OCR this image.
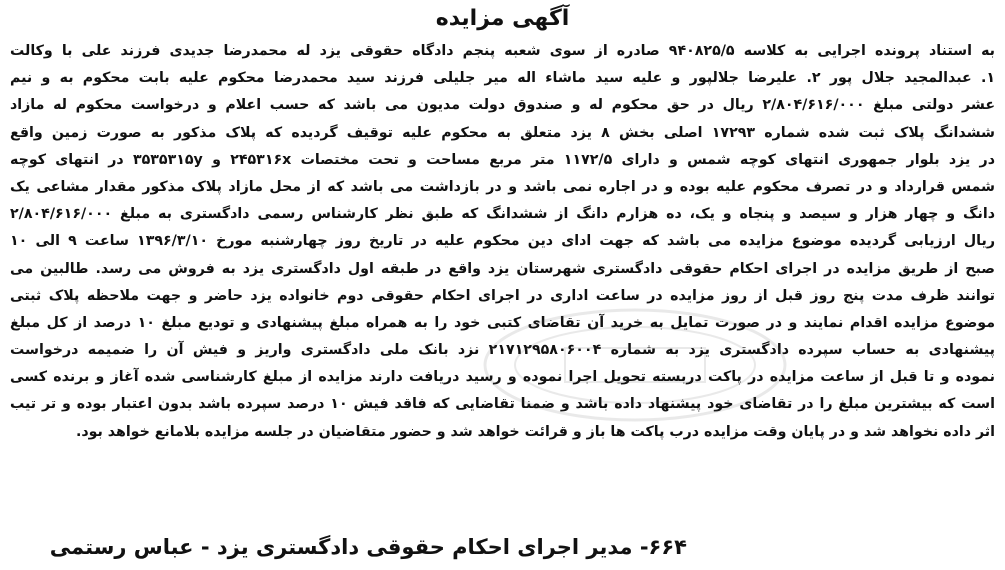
آگهی مزایده
به استناد پرونده اجرایی به کلاسه ۹۴۰۸۲۵/۵ صادره از سوی شعبه پنجم دادگاه حقوقی یزد له محمدرضا جدیدی فرزند علی با وکالت
۱. عبدالمجید جلال پور ۲. علیرضا جلالپور و علیه سید ماشاء اله میر جلیلی فرزند سید محمدرضا محکوم علیه بابت محکوم به و نیم
عشر دولتی مبلغ ۲/۸۰۴/۶۱۶/۰۰۰ ریال در حق محکوم له و صندوق دولت مدیون می باشد که حسب اعلام و درخواست محکوم له مازاد
ششدانگ پلاک ثبت شده شماره ۱۷۲۹۳ اصلی بخش ۸ یزد متعلق به محکوم علیه توقیف گردیده که پلاک مذکور به صورت زمین واقع
در یزد بلوار جمهوری انتهای کوچه شمس و دارای ۱۱۷۲/۵ متر مربع مساحت و تحت مختصات ۲۴۵۳۱۶x و ۳۵۳۵۳۱۵y در انتهای کوچه
شمس قرارداد و در تصرف محکوم علیه بوده و در اجاره نمی باشد و در بازداشت می باشد که از محل مازاد پلاک مذکور مقدار مشاعی یک
دانگ و چهار هزار و سیصد و پنجاه و یک، ده هزارم دانگ از ششدانگ که طبق نظر کارشناس رسمی دادگستری به مبلغ ۲/۸۰۴/۶۱۶/۰۰۰
ریال ارزیابی گردیده موضوع مزایده می باشد که جهت ادای دین محکوم علیه در تاریخ روز چهارشنبه مورخ ۱۳۹۶/۳/۱۰ ساعت ۹ الی ۱۰
صبح از طریق مزایده در اجرای احکام حقوقی دادگستری شهرستان یزد واقع در طبقه اول دادگستری یزد به فروش می رسد. طالبین می
توانند ظرف مدت پنج روز قبل از روز مزایده در ساعت اداری در اجرای احکام حقوقی دوم خانواده یزد حاضر و جهت ملاحظه پلاک ثبتی
موضوع مزایده اقدام نمایند و در صورت تمایل به خرید آن تقاضای کتبی خود را به همراه مبلغ پیشنهادی و تودیع مبلغ ۱۰ درصد از کل مبلغ
پیشنهادی به حساب سپرده دادگستری یزد به شماره ۲۱۷۱۲۹۵۸۰۶۰۰۴ نزد بانک ملی دادگستری واریز و فیش آن را ضمیمه درخواست
نموده و تا قبل از ساعت مزایده در پاکت دربسته تحویل اجرا نموده و رسید دریافت دارند مزایده از مبلغ کارشناسی شده آغاز و برنده کسی
است که بیشترین مبلغ را در تقاضای خود پیشنهاد داده باشد و ضمنا تقاضایی که فاقد فیش ۱۰ درصد سپرده باشد بدون اعتبار بوده و تر تیب
اثر داده نخواهد شد و در پایان وقت مزایده درب پاکت ها باز و قرائت خواهد شد و حضور متقاضیان در جلسه مزایده بلامانع خواهد بود.
۶۶۴- مدیر اجرای احکام حقوقی دادگستری یزد - عباس رستمی
